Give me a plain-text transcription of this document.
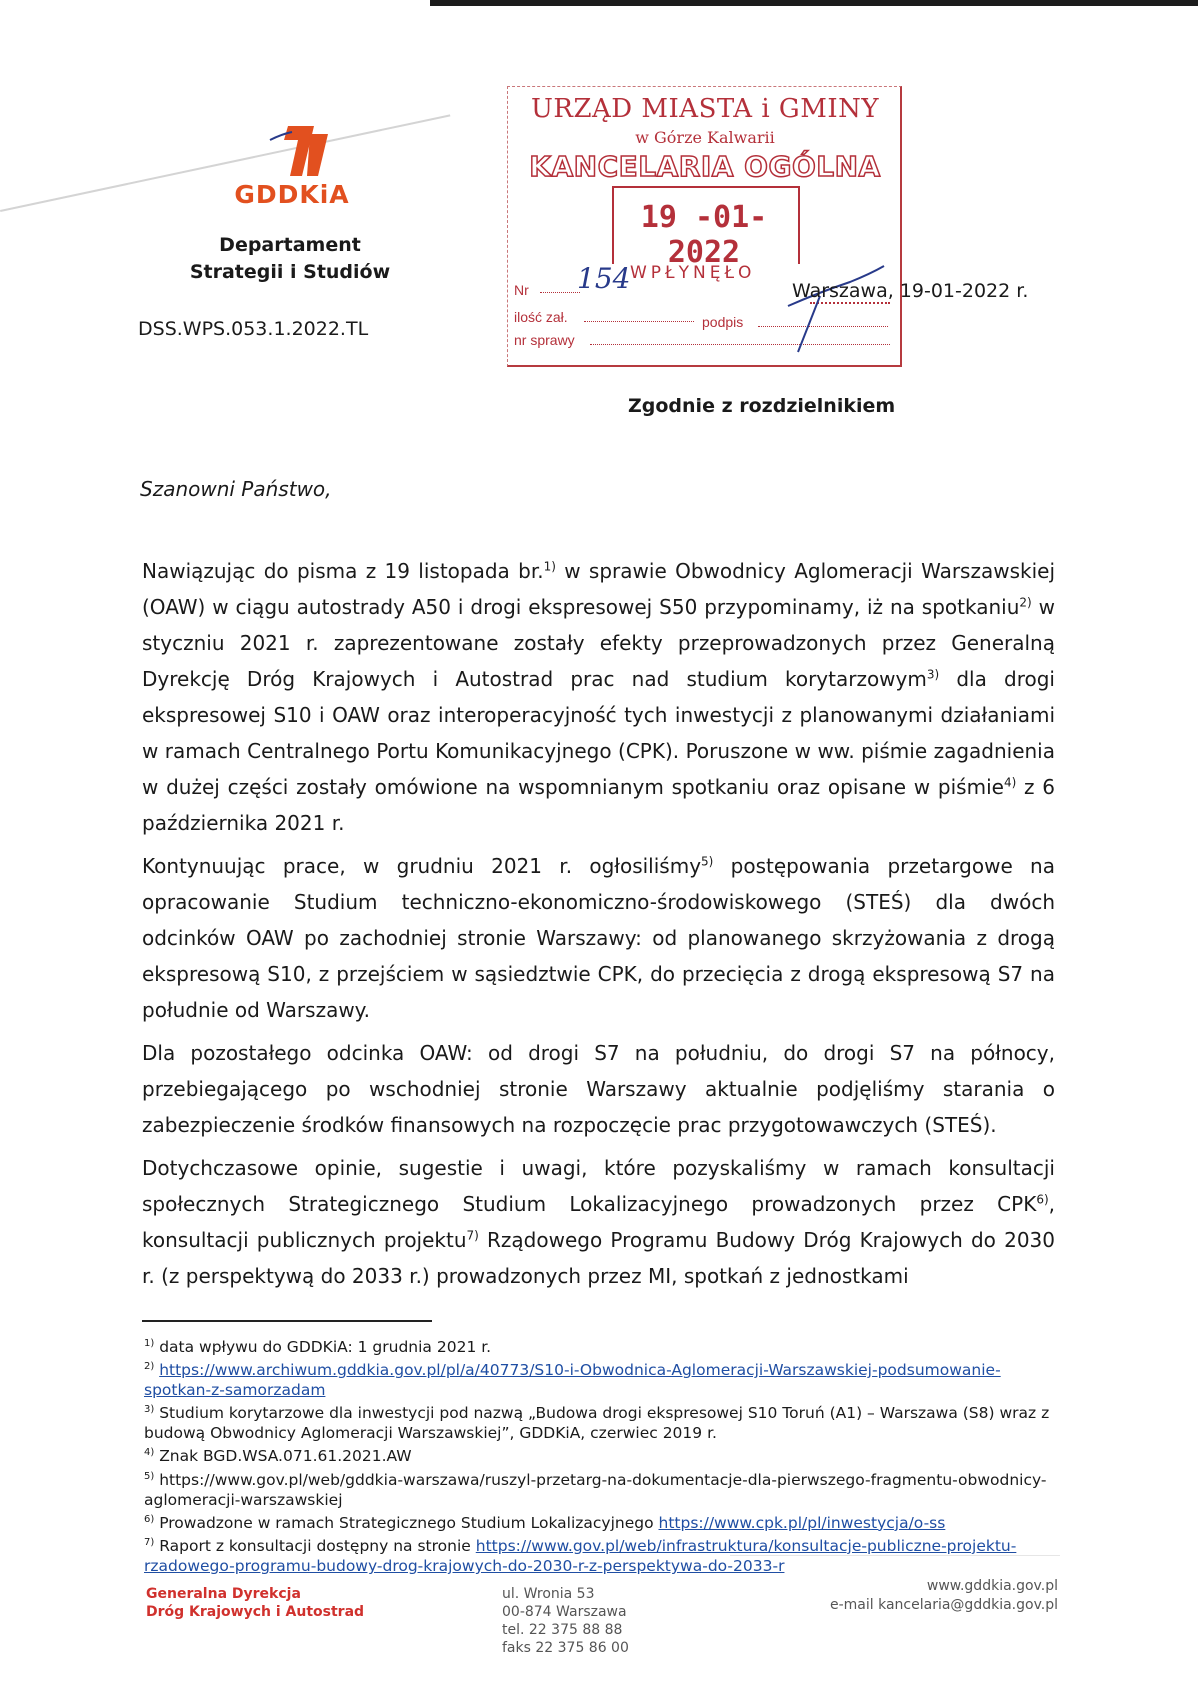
GDDKiA
Departament
Strategii i Studiów
DSS.WPS.053.1.2022.TL
URZĄD MIASTA i GMINY
w Górze Kalwarii
KANCELARIA OGÓLNA
19 -01- 2022
WPŁYNĘŁO
Nr 154
ilość zał.	podpis
nr sprawy
Warszawa, 19-01-2022 r.
Zgodnie z rozdzielnikiem
Szanowni Państwo,

Nawiązując do pisma z 19 listopada br.$^{1)}$ w sprawie Obwodnicy Aglomeracji Warszawskiej (OAW) w ciągu autostrady A50 i drogi ekspresowej S50 przypominamy, iż na spotkaniu$^{2)}$ w styczniu 2021 r. zaprezentowane zostały efekty przeprowadzonych przez Generalną Dyrekcję Dróg Krajowych i Autostrad prac nad studium korytarzowym$^{3)}$ dla drogi ekspresowej S10 i OAW oraz interoperacyjność tych inwestycji z planowanymi działaniami w ramach Centralnego Portu Komunikacyjnego (CPK). Poruszone w ww. piśmie zagadnienia w dużej części zostały omówione na wspomnianym spotkaniu oraz opisane w piśmie$^{4)}$ z 6 października 2021 r.

Kontynuując prace, w grudniu 2021 r. ogłosiliśmy$^{5)}$ postępowania przetargowe na opracowanie Studium techniczno-ekonomiczno-środowiskowego (STEŚ) dla dwóch odcinków OAW po zachodniej stronie Warszawy: od planowanego skrzyżowania z drogą ekspresową S10, z przejściem w sąsiedztwie CPK, do przecięcia z drogą ekspresową S7 na południe od Warszawy.

Dla pozostałego odcinka OAW: od drogi S7 na południu, do drogi S7 na północy, przebiegającego po wschodniej stronie Warszawy aktualnie podjęliśmy starania o zabezpieczenie środków finansowych na rozpoczęcie prac przygotowawczych (STEŚ).

Dotychczasowe opinie, sugestie i uwagi, które pozyskaliśmy w ramach konsultacji społecznych Strategicznego Studium Lokalizacyjnego prowadzonych przez CPK$^{6)}$, konsultacji publicznych projektu$^{7)}$ Rządowego Programu Budowy Dróg Krajowych do 2030 r. (z perspektywą do 2033 r.) prowadzonych przez MI, spotkań z jednostkami

$^{1)}$ data wpływu do GDDKiA: 1 grudnia 2021 r.
$^{2)}$ https://www.archiwum.gddkia.gov.pl/pl/a/40773/S10-i-Obwodnica-Aglomeracji-Warszawskiej-podsumowanie-spotkan-z-samorzadam
$^{3)}$ Studium korytarzowe dla inwestycji pod nazwą „Budowa drogi ekspresowej S10 Toruń (A1) – Warszawa (S8) wraz z budową Obwodnicy Aglomeracji Warszawskiej”, GDDKiA, czerwiec 2019 r.
$^{4)}$ Znak BGD.WSA.071.61.2021.AW
$^{5)}$ https://www.gov.pl/web/gddkia-warszawa/ruszyl-przetarg-na-dokumentacje-dla-pierwszego-fragmentu-obwodnicy-aglomeracji-warszawskiej
$^{6)}$ Prowadzone w ramach Strategicznego Studium Lokalizacyjnego https://www.cpk.pl/pl/inwestycja/o-ss
$^{7)}$ Raport z konsultacji dostępny na stronie https://www.gov.pl/web/infrastruktura/konsultacje-publiczne-projektu-rzadowego-programu-budowy-drog-krajowych-do-2030-r-z-perspektywa-do-2033-r
Generalna Dyrekcja
Dróg Krajowych i Autostrad
ul. Wronia 53
00-874 Warszawa
tel. 22 375 88 88
faks 22 375 86 00
www.gddkia.gov.pl
e-mail kancelaria@gddkia.gov.pl
